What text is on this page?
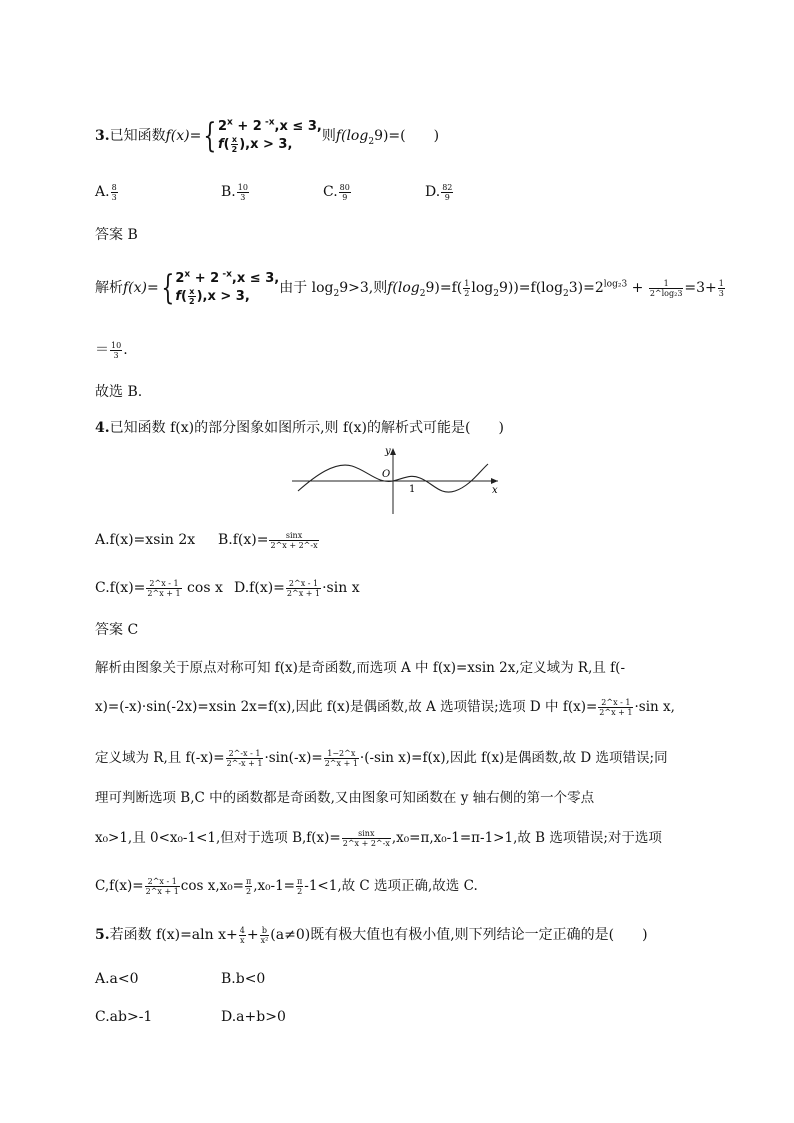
3.已知函数$f(x)=\{2^x + 2$ $^{-x}$,x ≤ 3,
$f( \frac{x}{2} ),x > 3$,则$f(\log_29)=$(　　)
A. $\frac{8}{3}$	B. $\frac{10}{3}$	C. $\frac{80}{9}$	D. $\frac{82}{9}$
答案 B
解析$f(x)=\{2^x + 2$ $^{-x}$,x ≤ 3,
$f( \frac{x}{2} ),x > 3$,由于 $\log_29>3$,则$f(\log_29)=f( \frac{1}{2} \log_29))=f(\log_23)=2^{log_23} + \frac{1}{\text{2\textasciicircum{}log₂3}} =3+ \frac{1}{3}$
＝ $\frac{10}{3}$ .
故选 B.
4.已知函数 f(x)的部分图象如图所示,则 f(x)的解析式可能是(　　)
y
x
O
1
A.f(x)=xsin 2x $B.f(x)= \frac{\sin x}{2\^{}x + 2\^{}-x}$
$C.f(x)= \frac{2\^{}x - 1}{2\^{}x + 1}$ cos x $D.f(x)= \frac{2\^{}x - 1}{2\^{}x + 1} \cdot\sin$ x
答案 C
解析由图象关于原点对称可知 f(x)是奇函数,而选项 A 中 f(x)=xsin 2x,定义域为 R,且 f(-
x)=(-x)·sin(-2x)=xsin 2x=f(x),因此 f(x)是偶函数,故 A 选项错误;选项 D 中 $f(x)= \frac{2\^{}x - 1}{2\^{}x + 1} \cdot\sin$ x,
定义域为 R,且 $f(-x)= \frac{2\^{}-x - 1}{2\^{}-x + 1} \cdot\sin(-x)= \frac{1-2\^{}x}{2\^{}x + 1} \cdot(-\sin$ x)=f(x),因此 f(x)是偶函数,故 D 选项错误;同
理可判断选项 B,C 中的函数都是奇函数,又由图象可知函数在 y 轴右侧的第一个零点
x₀>1,且 0<x₀-1<1,但对于选项 $B,f(x)= \frac{\sin x}{2\^{}x + 2\^{}-x} ,x_0=\pi,x_0-1=\pi-1>1$,故 B 选项错误;对于选项
$C,f(x)= \frac{2\^{}x - 1}{2\^{}x + 1}$ $\cos x,x_0= \frac{\pi}{2} ,x_0-1= \frac{\pi}{2} -1<1$,故 C 选项正确,故选 C.
5.若函数 f(x)=aln $x+ \frac{4}{x} + \frac{b}{\text{x²}} (a\ne 0)$既有极大值也有极小值,则下列结论一定正确的是(　　)
A.a<0	B.b<0
C.ab>-1	D.a+b>0
